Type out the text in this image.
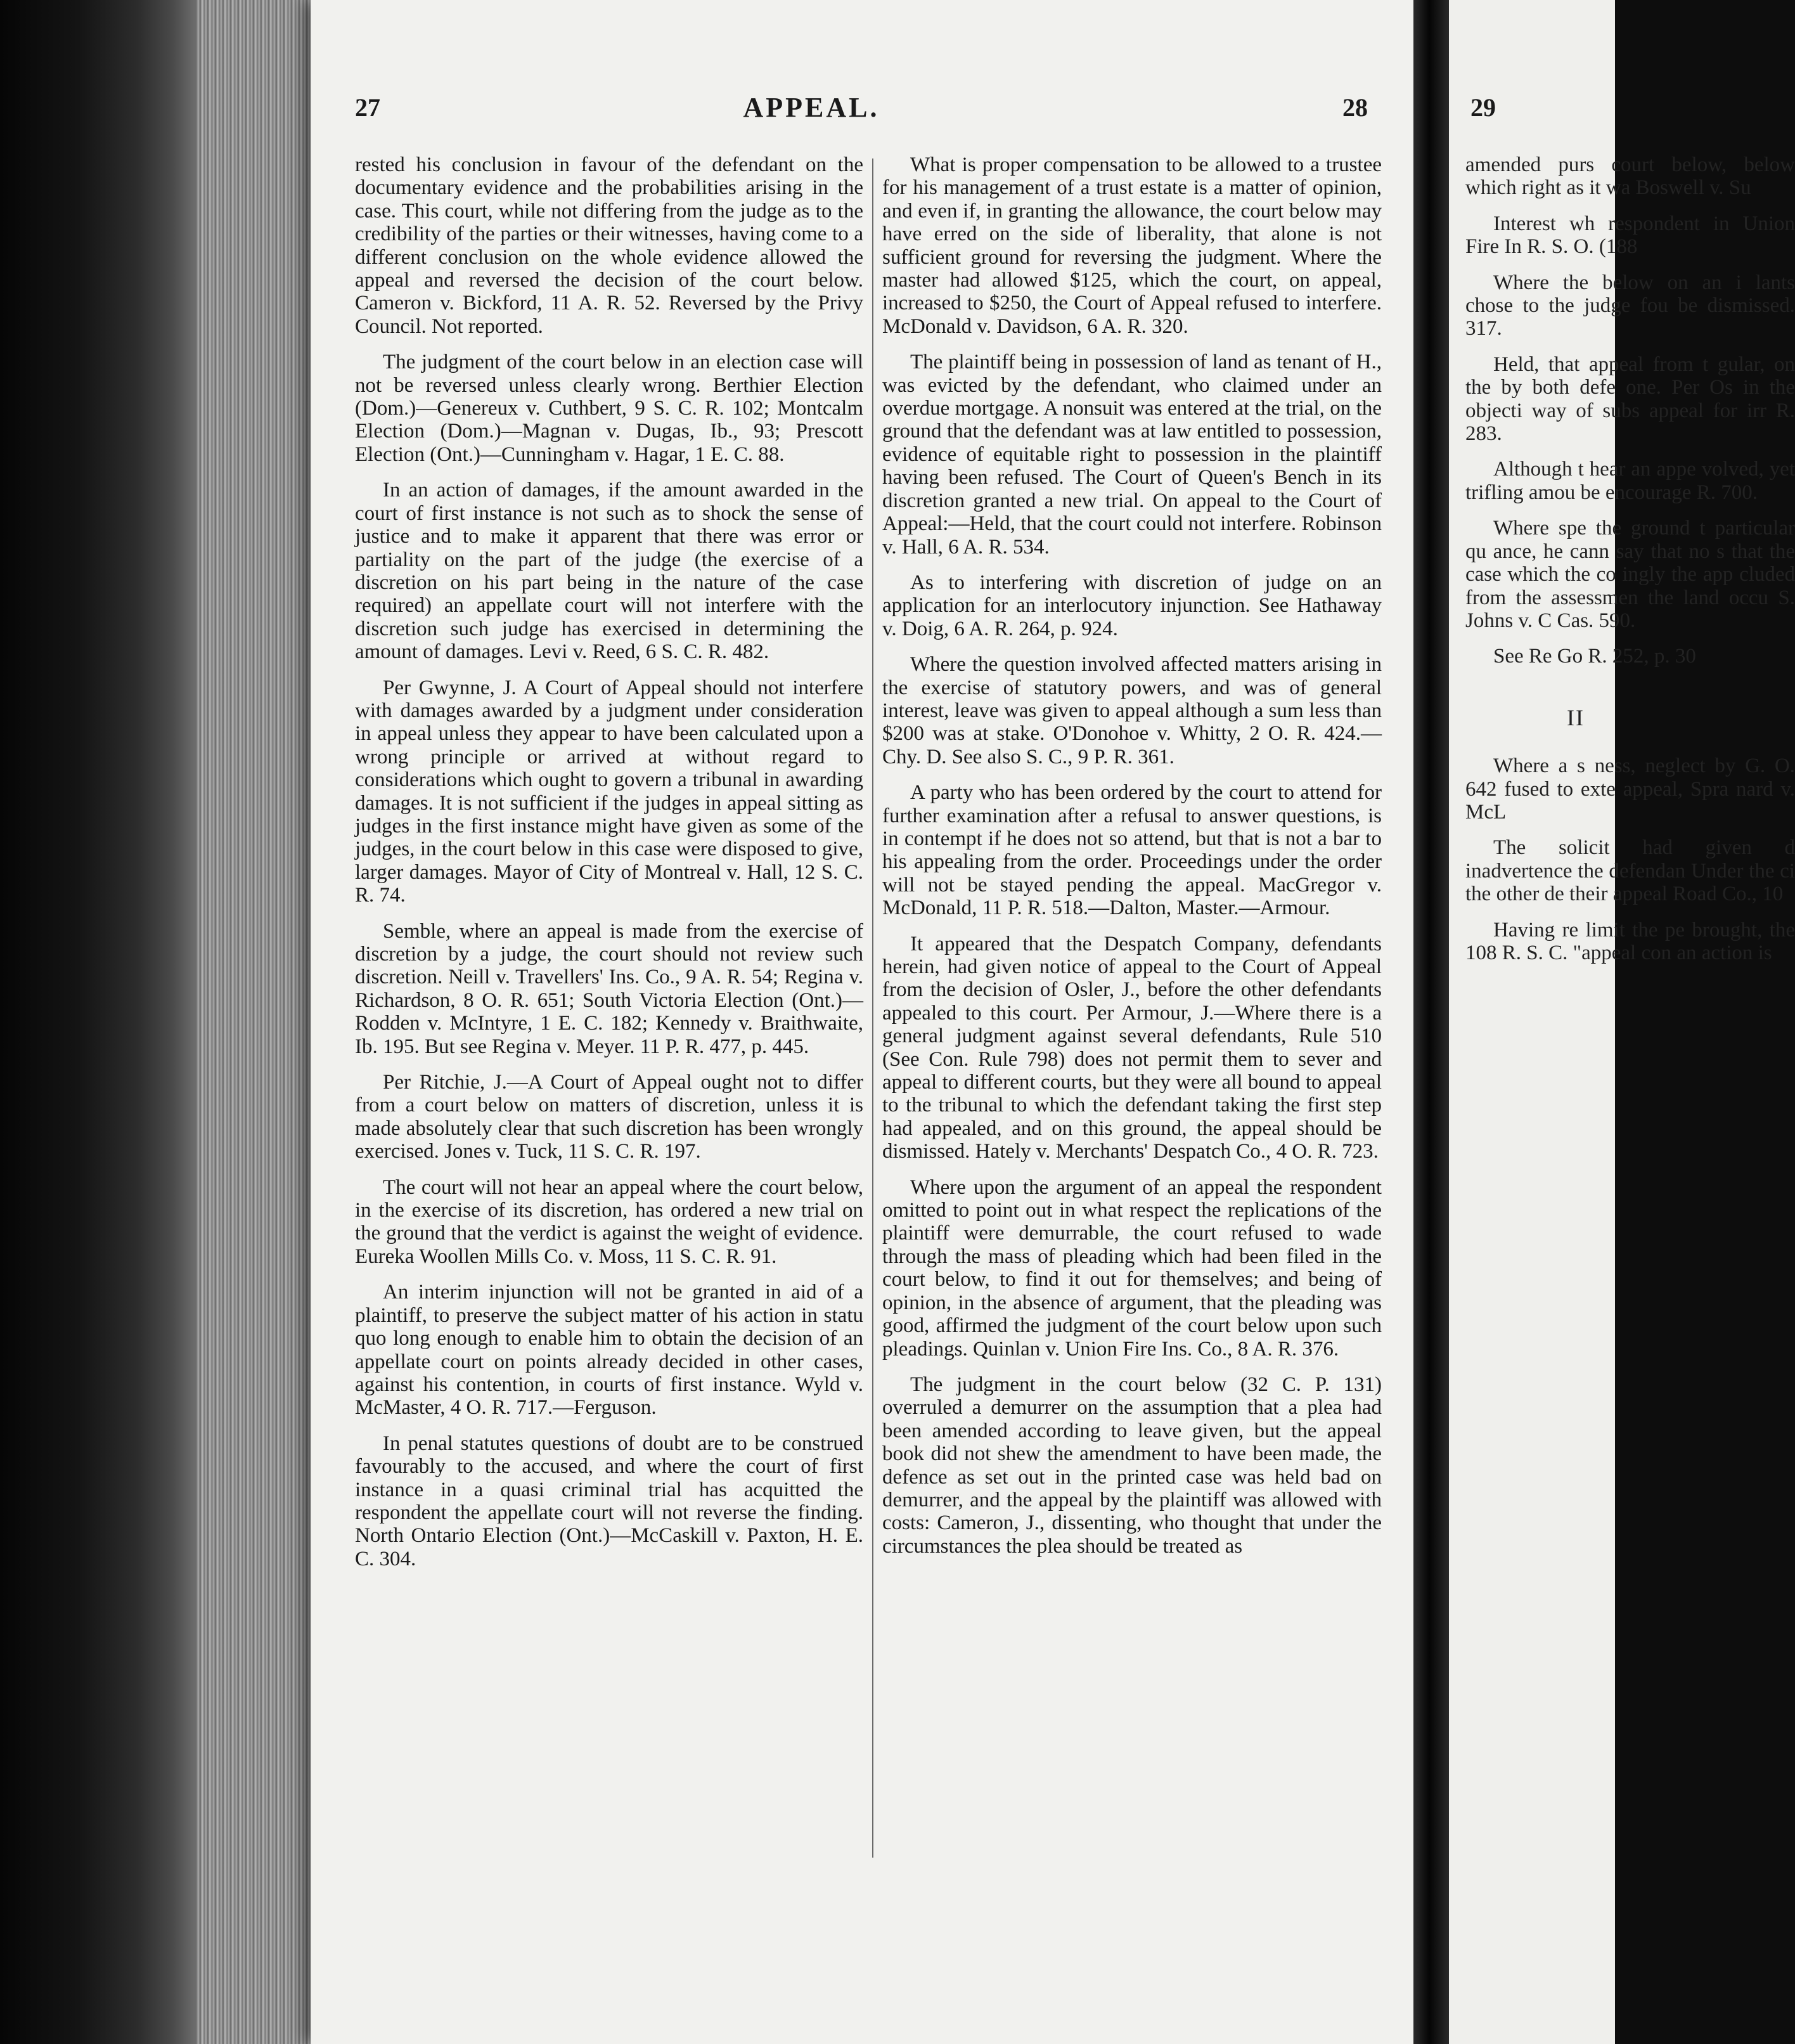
27	APPEAL.	28	29

rested his conclusion in favour of the defendant on the documentary evidence and the probabilities arising in the case. This court, while not differing from the judge as to the credibility of the parties or their witnesses, having come to a different conclusion on the whole evidence allowed the appeal and reversed the decision of the court below. Cameron v. Bickford, 11 A. R. 52. Reversed by the Privy Council. Not reported.

The judgment of the court below in an election case will not be reversed unless clearly wrong. Berthier Election (Dom.)—Genereux v. Cuthbert, 9 S. C. R. 102; Montcalm Election (Dom.)—Magnan v. Dugas, Ib., 93; Prescott Election (Ont.)—Cunningham v. Hagar, 1 E. C. 88.

In an action of damages, if the amount awarded in the court of first instance is not such as to shock the sense of justice and to make it apparent that there was error or partiality on the part of the judge (the exercise of a discretion on his part being in the nature of the case required) an appellate court will not interfere with the discretion such judge has exercised in determining the amount of damages. Levi v. Reed, 6 S. C. R. 482.

Per Gwynne, J. A Court of Appeal should not interfere with damages awarded by a judgment under consideration in appeal unless they appear to have been calculated upon a wrong principle or arrived at without regard to considerations which ought to govern a tribunal in awarding damages. It is not sufficient if the judges in appeal sitting as judges in the first instance might have given as some of the judges, in the court below in this case were disposed to give, larger damages. Mayor of City of Montreal v. Hall, 12 S. C. R. 74.

Semble, where an appeal is made from the exercise of discretion by a judge, the court should not review such discretion. Neill v. Travellers' Ins. Co., 9 A. R. 54; Regina v. Richardson, 8 O. R. 651; South Victoria Election (Ont.)—Rodden v. McIntyre, 1 E. C. 182; Kennedy v. Braithwaite, Ib. 195. But see Regina v. Meyer. 11 P. R. 477, p. 445.

Per Ritchie, J.—A Court of Appeal ought not to differ from a court below on matters of discretion, unless it is made absolutely clear that such discretion has been wrongly exercised. Jones v. Tuck, 11 S. C. R. 197.

The court will not hear an appeal where the court below, in the exercise of its discretion, has ordered a new trial on the ground that the verdict is against the weight of evidence. Eureka Woollen Mills Co. v. Moss, 11 S. C. R. 91.

An interim injunction will not be granted in aid of a plaintiff, to preserve the subject matter of his action in statu quo long enough to enable him to obtain the decision of an appellate court on points already decided in other cases, against his contention, in courts of first instance. Wyld v. McMaster, 4 O. R. 717.—Ferguson.

In penal statutes questions of doubt are to be construed favourably to the accused, and where the court of first instance in a quasi criminal trial has acquitted the respondent the appellate court will not reverse the finding. North Ontario Election (Ont.)—McCaskill v. Paxton, H. E. C. 304.

What is proper compensation to be allowed to a trustee for his management of a trust estate is a matter of opinion, and even if, in granting the allowance, the court below may have erred on the side of liberality, that alone is not sufficient ground for reversing the judgment. Where the master had allowed $125, which the court, on appeal, increased to $250, the Court of Appeal refused to interfere. McDonald v. Davidson, 6 A. R. 320.

The plaintiff being in possession of land as tenant of H., was evicted by the defendant, who claimed under an overdue mortgage. A nonsuit was entered at the trial, on the ground that the defendant was at law entitled to possession, evidence of equitable right to possession in the plaintiff having been refused. The Court of Queen's Bench in its discretion granted a new trial. On appeal to the Court of Appeal:—Held, that the court could not interfere. Robinson v. Hall, 6 A. R. 534.

As to interfering with discretion of judge on an application for an interlocutory injunction. See Hathaway v. Doig, 6 A. R. 264, p. 924.

Where the question involved affected matters arising in the exercise of statutory powers, and was of general interest, leave was given to appeal although a sum less than $200 was at stake. O'Donohoe v. Whitty, 2 O. R. 424.—Chy. D. See also S. C., 9 P. R. 361.

A party who has been ordered by the court to attend for further examination after a refusal to answer questions, is in contempt if he does not so attend, but that is not a bar to his appealing from the order. Proceedings under the order will not be stayed pending the appeal. MacGregor v. McDonald, 11 P. R. 518.—Dalton, Master.—Armour.

It appeared that the Despatch Company, defendants herein, had given notice of appeal to the Court of Appeal from the decision of Osler, J., before the other defendants appealed to this court. Per Armour, J.—Where there is a general judgment against several defendants, Rule 510 (See Con. Rule 798) does not permit them to sever and appeal to different courts, but they were all bound to appeal to the tribunal to which the defendant taking the first step had appealed, and on this ground, the appeal should be dismissed. Hately v. Merchants' Despatch Co., 4 O. R. 723.

Where upon the argument of an appeal the respondent omitted to point out in what respect the replications of the plaintiff were demurrable, the court refused to wade through the mass of pleading which had been filed in the court below, to find it out for themselves; and being of opinion, in the absence of argument, that the pleading was good, affirmed the judgment of the court below upon such pleadings. Quinlan v. Union Fire Ins. Co., 8 A. R. 376.

The judgment in the court below (32 C. P. 131) overruled a demurrer on the assumption that a plea had been amended according to leave given, but the appeal book did not shew the amendment to have been made, the defence as set out in the printed case was held bad on demurrer, and the appeal by the plaintiff was allowed with costs: Cameron, J., dissenting, who thought that under the circumstances the plea should be treated as

amended purs court below, below which right as it wa Boswell v. Su

Interest wh respondent in Union Fire In R. S. O. (188

Where the below on an i lants chose to the judge fou be dismissed. 317.

Held, that appeal from t gular, on the by both defe one. Per Os in the objecti way of subs appeal for irr R. 283.

Although t hear an appe volved, yet trifling amou be encourage R. 700.

Where spe the ground t particular qu ance, he cann say that no s that the case which the co ingly the app cluded from the assessmen the land occu S. Johns v. C Cas. 590.

See Re Go R. 252, p. 30

II

Where a s ness, neglect by G. O. 642 fused to exte appeal, Spra nard v. McL

The solicit had given d inadvertence the defendan Under the ci the other de their appeal Road Co., 10

Having re limit the pe brought, the 108 R. S. C. "appeal con an action is
